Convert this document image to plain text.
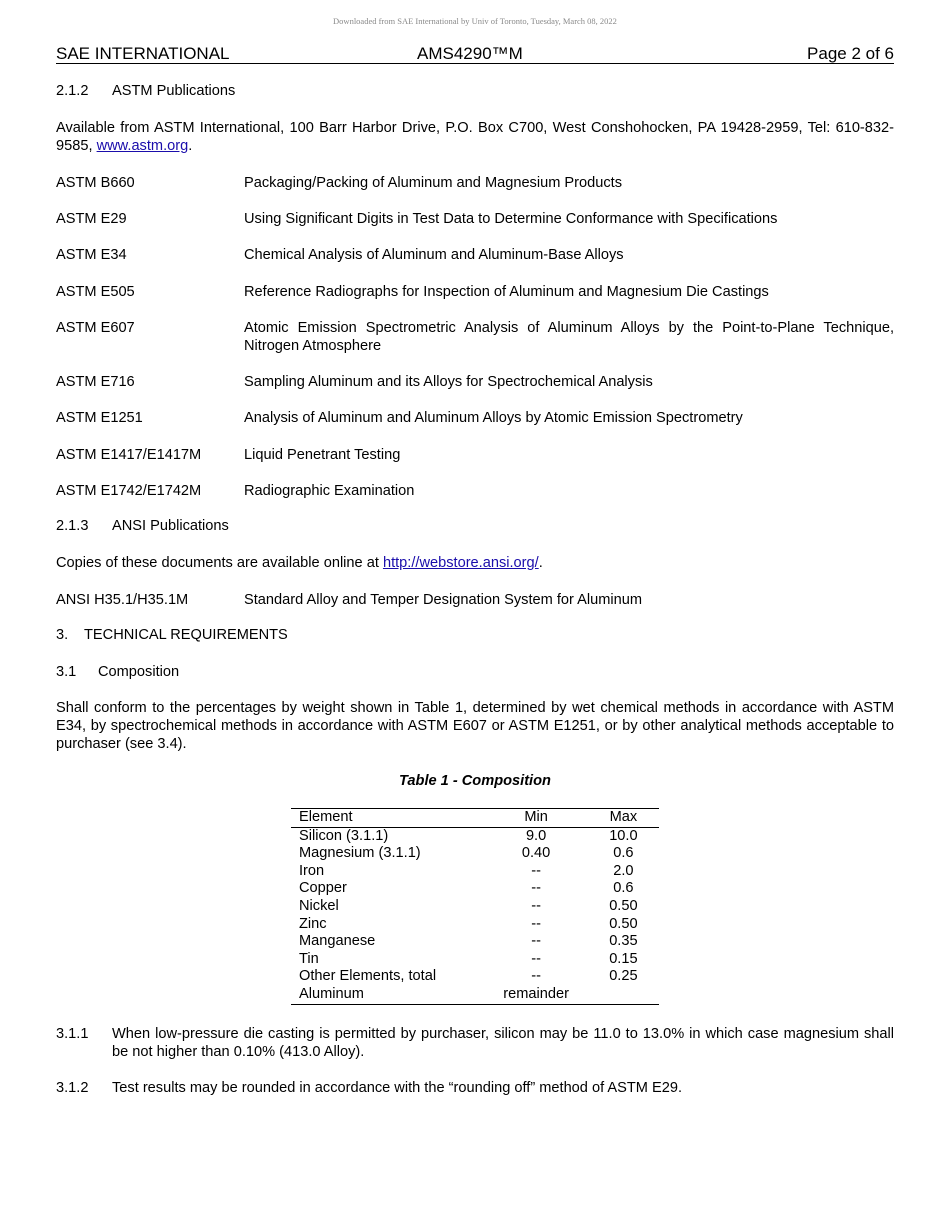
Downloaded from SAE International by Univ of Toronto, Tuesday, March 08, 2022
SAE INTERNATIONAL	AMS4290™M	Page 2 of 6
2.1.2 ASTM Publications
Available from ASTM International, 100 Barr Harbor Drive, P.O. Box C700, West Conshohocken, PA 19428-2959, Tel: 610-832-9585, www.astm.org.
ASTM B660	Packaging/Packing of Aluminum and Magnesium Products
ASTM E29	Using Significant Digits in Test Data to Determine Conformance with Specifications
ASTM E34	Chemical Analysis of Aluminum and Aluminum-Base Alloys
ASTM E505	Reference Radiographs for Inspection of Aluminum and Magnesium Die Castings
ASTM E607	Atomic Emission Spectrometric Analysis of Aluminum Alloys by the Point-to-Plane Technique, Nitrogen Atmosphere
ASTM E716	Sampling Aluminum and its Alloys for Spectrochemical Analysis
ASTM E1251	Analysis of Aluminum and Aluminum Alloys by Atomic Emission Spectrometry
ASTM E1417/E1417M	Liquid Penetrant Testing
ASTM E1742/E1742M	Radiographic Examination
2.1.3 ANSI Publications
Copies of these documents are available online at http://webstore.ansi.org/.
ANSI H35.1/H35.1M	Standard Alloy and Temper Designation System for Aluminum
3. TECHNICAL REQUIREMENTS
3.1 Composition
Shall conform to the percentages by weight shown in Table 1, determined by wet chemical methods in accordance with ASTM E34, by spectrochemical methods in accordance with ASTM E607 or ASTM E1251, or by other analytical methods acceptable to purchaser (see 3.4).
Table 1 - Composition
Element	Min	Max
Silicon (3.1.1)	9.0	10.0
Magnesium (3.1.1)	0.40	0.6
Iron	--	2.0
Copper	--	0.6
Nickel	--	0.50
Zinc	--	0.50
Manganese	--	0.35
Tin	--	0.15
Other Elements, total	--	0.25
Aluminum	remainder	
3.1.1 When low-pressure die casting is permitted by purchaser, silicon may be 11.0 to 13.0% in which case magnesium shall be not higher than 0.10% (413.0 Alloy).
3.1.2 Test results may be rounded in accordance with the “rounding off” method of ASTM E29.
